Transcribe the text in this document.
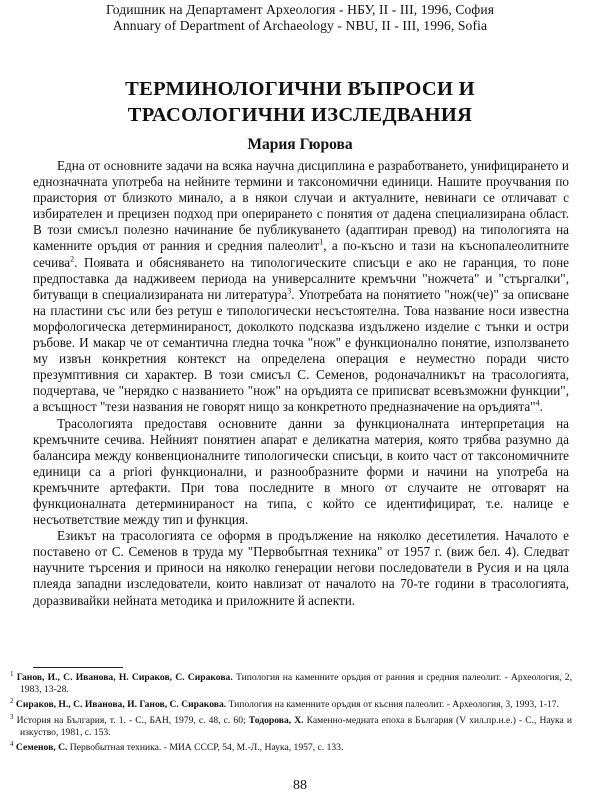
Годишник на Департамент Археология - НБУ, II - III, 1996, София
Annuary of Department of Archaeology - NBU, II - III, 1996, Sofia
ТЕРМИНОЛОГИЧНИ ВЪПРОСИ И
ТРАСОЛОГИЧНИ ИЗСЛЕДВАНИЯ
Мария Гюрова

Една от основните задачи на всяка научна дисциплина е разработването, унифицирането и еднозначната употреба на нейните термини и таксономични единици. Нашите проучвания по праистория от близкото минало, а в някои случаи и актуалните, невинаги се отличават с избирателен и прецизен подход при оперирането с понятия от дадена специализирана област. В този смисъл полезно начинание бе публикуването (адаптиран превод) на типологията на каменните оръдия от ранния и средния палеолит$^1$, а по-късно и тази на къснопалеолитните сечива$^2$. Появата и обясняването на типологическите списъци е ако не гаранция, то поне предпоставка да надживеем периода на универсалните кремъчни "ножчета" и "стъргалки", битуващи в специализираната ни литература$^3$. Употребата на понятието "нож(че)" за описване на пластини със или без ретуш е типологически несъстоятелна. Това название носи известна морфологическа детерминираност, доколкото подсказва издължено изделие с тънки и остри ръбове. И макар че от семантична гледна точка "нож" е функционално понятие, използването му извън конкретния контекст на определена операция е неуместно поради чисто презумптивния си характер. В този смисъл С. Семенов, родоначалникът на трасологията, подчертава, че "нерядко с названието "нож" на оръдията се приписват всевъзможни функции", а всъщност "тези названия не говорят нищо за конкретното предназначение на оръдията"$^4$.

Трасологията предоставя основните данни за функционалната интерпретация на кремъчните сечива. Нейният понятиен апарат е деликатна материя, която трябва разумно да балансира между конвенционалните типологически списъци, в които част от таксономичните единици са a priori функционални, и разнообразните форми и начини на употреба на кремъчните артефакти. При това последните в много от случаите не отговарят на функционалната детерминираност на типа, с който се идентифицират, т.е. налице е несъответствие между тип и функция.

Езикът на трасологията се оформя в продължение на няколко десетилетия. Началото е поставено от С. Семенов в труда му "Первобытная техника" от 1957 г. (виж бел. 4). Следват научните търсения и приноси на няколко генерации негови последователи в Русия и на цяла плеяда западни изследователи, които навлизат от началото на 70-те години в трасологията, доразвивайки нейната методика и приложните й аспекти.

$^1$ Ганов, И., С. Иванова, Н. Сираков, С. Сиракова. Типология на каменните оръдия от ранния и средния палеолит. - Археология, 2, 1983, 13-28.

$^2$ Сираков, Н., С. Иванова, И. Ганов, С. Сиракова. Типология на каменните оръдия от късния палеолит. - Археология, 3, 1993, 1-17.

$^3$ История на България, т. 1. - С., БАН, 1979, с. 48, с. 60; Тодорова, Х. Каменно-медната епоха в България (V хил.пр.н.е.) - С., Наука и изкуство, 1981, с. 153.

$^4$ Семенов, С. Первобытная техника. - МИА СССР, 54, М.-Л., Наука, 1957, с. 133.

88
